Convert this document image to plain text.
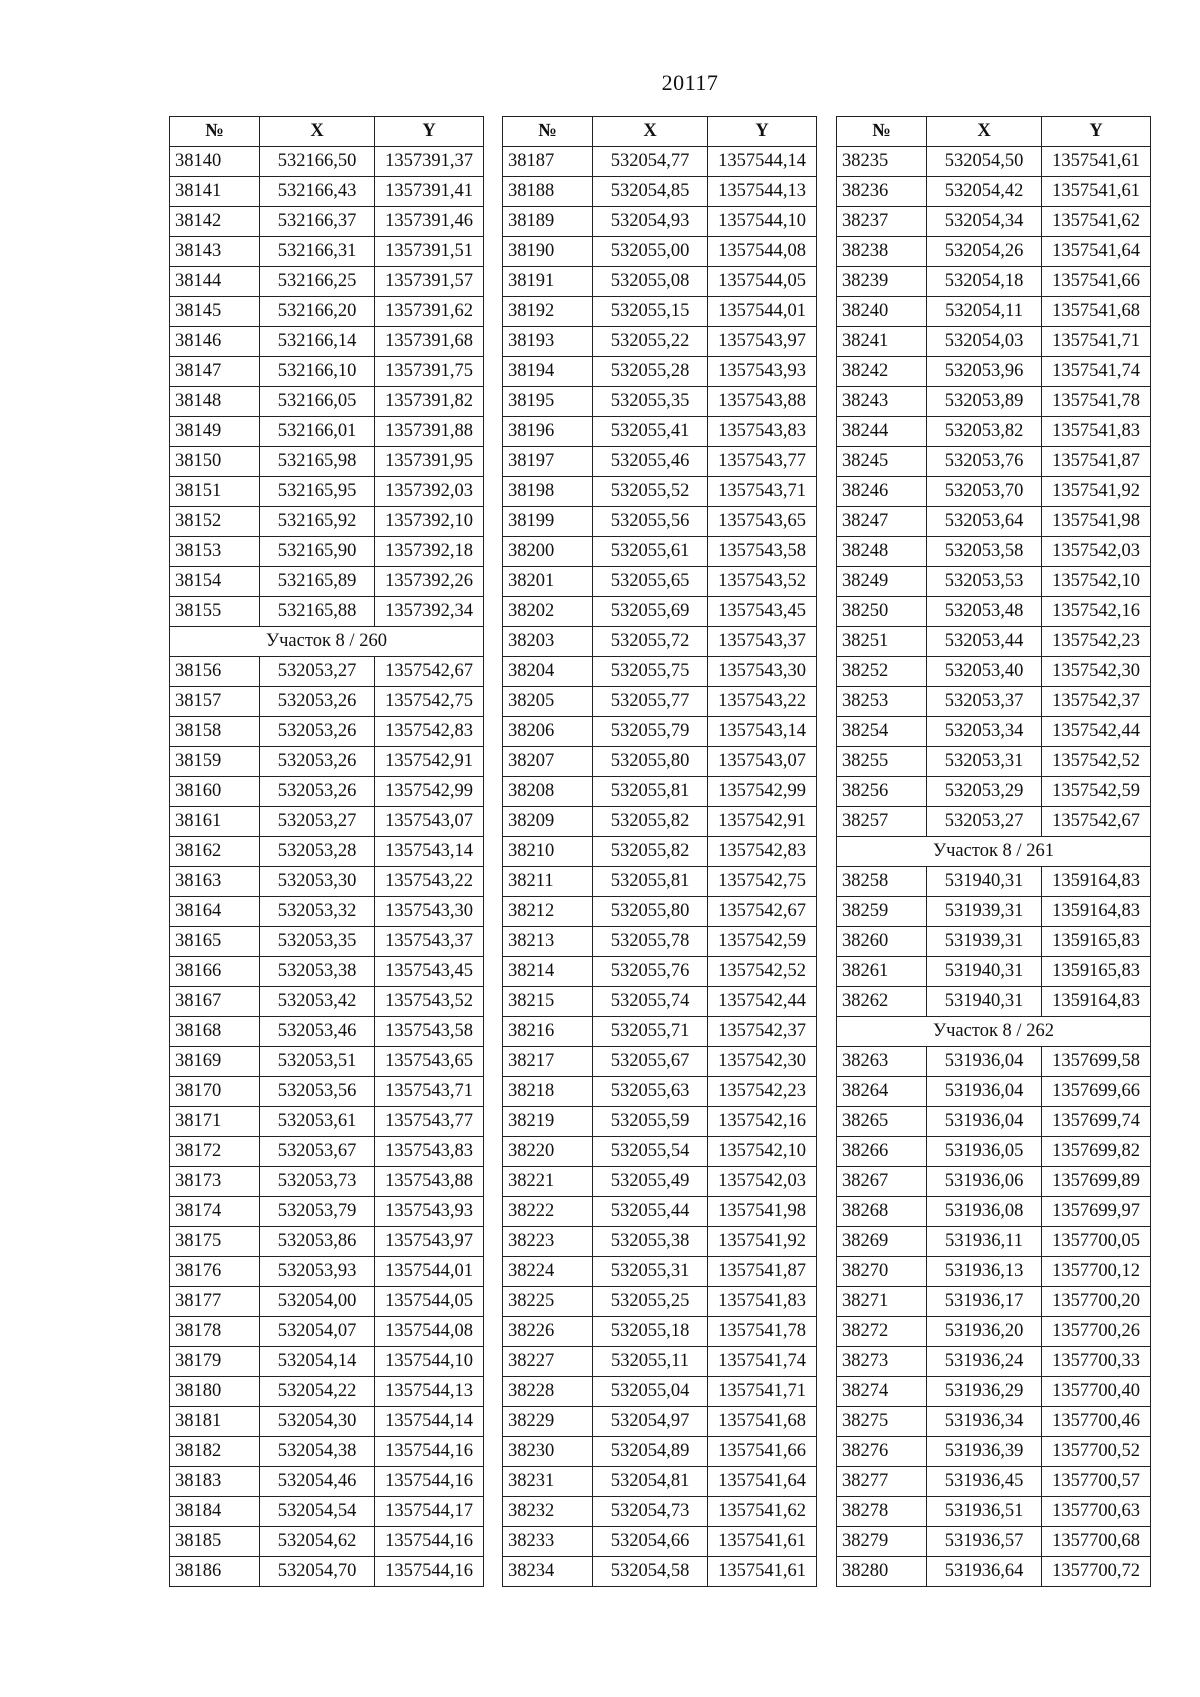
20117
№	X	Y
38140	532166,50	1357391,37
38141	532166,43	1357391,41
38142	532166,37	1357391,46
38143	532166,31	1357391,51
38144	532166,25	1357391,57
38145	532166,20	1357391,62
38146	532166,14	1357391,68
38147	532166,10	1357391,75
38148	532166,05	1357391,82
38149	532166,01	1357391,88
38150	532165,98	1357391,95
38151	532165,95	1357392,03
38152	532165,92	1357392,10
38153	532165,90	1357392,18
38154	532165,89	1357392,26
38155	532165,88	1357392,34
Участок 8 / 260		
38156	532053,27	1357542,67
38157	532053,26	1357542,75
38158	532053,26	1357542,83
38159	532053,26	1357542,91
38160	532053,26	1357542,99
38161	532053,27	1357543,07
38162	532053,28	1357543,14
38163	532053,30	1357543,22
38164	532053,32	1357543,30
38165	532053,35	1357543,37
38166	532053,38	1357543,45
38167	532053,42	1357543,52
38168	532053,46	1357543,58
38169	532053,51	1357543,65
38170	532053,56	1357543,71
38171	532053,61	1357543,77
38172	532053,67	1357543,83
38173	532053,73	1357543,88
38174	532053,79	1357543,93
38175	532053,86	1357543,97
38176	532053,93	1357544,01
38177	532054,00	1357544,05
38178	532054,07	1357544,08
38179	532054,14	1357544,10
38180	532054,22	1357544,13
38181	532054,30	1357544,14
38182	532054,38	1357544,16
38183	532054,46	1357544,16
38184	532054,54	1357544,17
38185	532054,62	1357544,16
38186	532054,70	1357544,16
№	X	Y
38187	532054,77	1357544,14
38188	532054,85	1357544,13
38189	532054,93	1357544,10
38190	532055,00	1357544,08
38191	532055,08	1357544,05
38192	532055,15	1357544,01
38193	532055,22	1357543,97
38194	532055,28	1357543,93
38195	532055,35	1357543,88
38196	532055,41	1357543,83
38197	532055,46	1357543,77
38198	532055,52	1357543,71
38199	532055,56	1357543,65
38200	532055,61	1357543,58
38201	532055,65	1357543,52
38202	532055,69	1357543,45
38203	532055,72	1357543,37
38204	532055,75	1357543,30
38205	532055,77	1357543,22
38206	532055,79	1357543,14
38207	532055,80	1357543,07
38208	532055,81	1357542,99
38209	532055,82	1357542,91
38210	532055,82	1357542,83
38211	532055,81	1357542,75
38212	532055,80	1357542,67
38213	532055,78	1357542,59
38214	532055,76	1357542,52
38215	532055,74	1357542,44
38216	532055,71	1357542,37
38217	532055,67	1357542,30
38218	532055,63	1357542,23
38219	532055,59	1357542,16
38220	532055,54	1357542,10
38221	532055,49	1357542,03
38222	532055,44	1357541,98
38223	532055,38	1357541,92
38224	532055,31	1357541,87
38225	532055,25	1357541,83
38226	532055,18	1357541,78
38227	532055,11	1357541,74
38228	532055,04	1357541,71
38229	532054,97	1357541,68
38230	532054,89	1357541,66
38231	532054,81	1357541,64
38232	532054,73	1357541,62
38233	532054,66	1357541,61
38234	532054,58	1357541,61
№	X	Y
38235	532054,50	1357541,61
38236	532054,42	1357541,61
38237	532054,34	1357541,62
38238	532054,26	1357541,64
38239	532054,18	1357541,66
38240	532054,11	1357541,68
38241	532054,03	1357541,71
38242	532053,96	1357541,74
38243	532053,89	1357541,78
38244	532053,82	1357541,83
38245	532053,76	1357541,87
38246	532053,70	1357541,92
38247	532053,64	1357541,98
38248	532053,58	1357542,03
38249	532053,53	1357542,10
38250	532053,48	1357542,16
38251	532053,44	1357542,23
38252	532053,40	1357542,30
38253	532053,37	1357542,37
38254	532053,34	1357542,44
38255	532053,31	1357542,52
38256	532053,29	1357542,59
38257	532053,27	1357542,67
Участок 8 / 261		
38258	531940,31	1359164,83
38259	531939,31	1359164,83
38260	531939,31	1359165,83
38261	531940,31	1359165,83
38262	531940,31	1359164,83
Участок 8 / 262		
38263	531936,04	1357699,58
38264	531936,04	1357699,66
38265	531936,04	1357699,74
38266	531936,05	1357699,82
38267	531936,06	1357699,89
38268	531936,08	1357699,97
38269	531936,11	1357700,05
38270	531936,13	1357700,12
38271	531936,17	1357700,20
38272	531936,20	1357700,26
38273	531936,24	1357700,33
38274	531936,29	1357700,40
38275	531936,34	1357700,46
38276	531936,39	1357700,52
38277	531936,45	1357700,57
38278	531936,51	1357700,63
38279	531936,57	1357700,68
38280	531936,64	1357700,72
